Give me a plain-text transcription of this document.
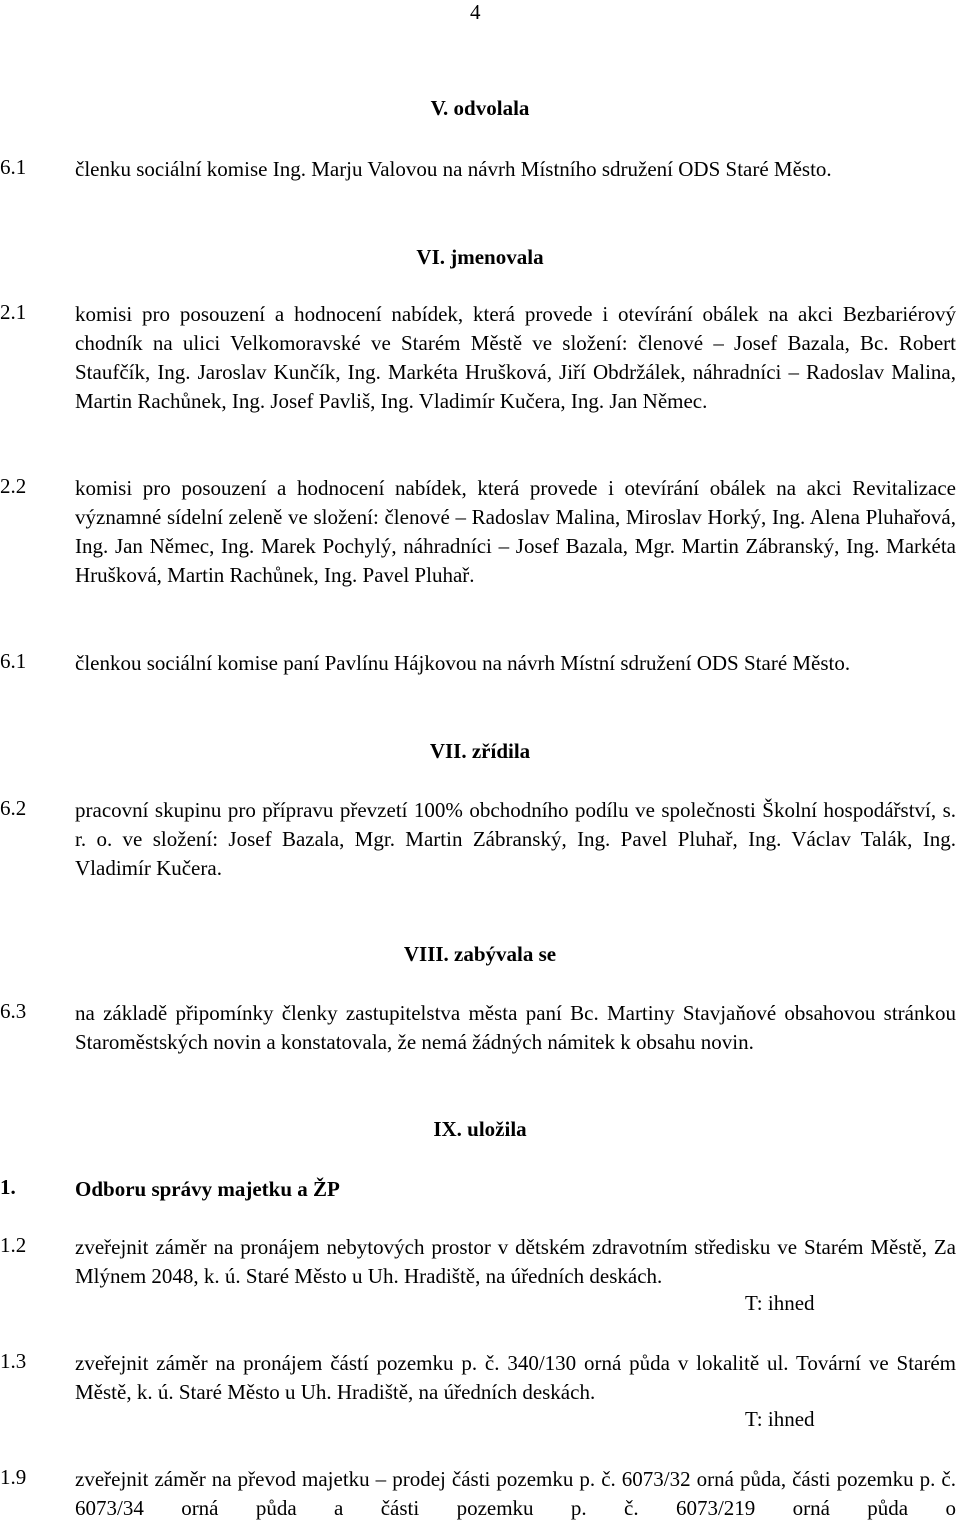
4
V. odvolala
6.1	členku sociální komise Ing. Marju Valovou na návrh Místního sdružení ODS Staré Město.
VI. jmenovala
2.1	komisi pro posouzení a hodnocení nabídek, která provede i otevírání obálek na akci Bezbariérový chodník na ulici Velkomoravské ve Starém Městě ve složení: členové – Josef Bazala, Bc. Robert Staufčík, Ing. Jaroslav Kunčík, Ing. Markéta Hrušková, Jiří Obdržálek, náhradníci – Radoslav Malina, Martin Rachůnek, Ing. Josef Pavliš, Ing. Vladimír Kučera, Ing. Jan Němec.
2.2	komisi pro posouzení a hodnocení nabídek, která provede i otevírání obálek na akci Revitalizace významné sídelní zeleně ve složení: členové – Radoslav Malina, Miroslav Horký, Ing. Alena Pluhařová, Ing. Jan Němec, Ing. Marek Pochylý, náhradníci – Josef Bazala, Mgr. Martin Zábranský, Ing. Markéta Hrušková, Martin Rachůnek, Ing. Pavel Pluhař.
6.1	členkou sociální komise paní Pavlínu Hájkovou na návrh Místní sdružení ODS Staré Město.
VII. zřídila
6.2	pracovní skupinu pro přípravu převzetí 100% obchodního podílu ve společnosti Školní hospodářství, s. r. o. ve složení: Josef Bazala, Mgr. Martin Zábranský, Ing. Pavel Pluhař, Ing. Václav Talák, Ing. Vladimír Kučera.
VIII. zabývala se
6.3	na základě připomínky členky zastupitelstva města paní Bc. Martiny Stavjaňové obsahovou stránkou Staroměstských novin a konstatovala, že nemá žádných námitek k obsahu novin.
IX. uložila
1.	Odboru správy majetku a ŽP
1.2	zveřejnit záměr na pronájem nebytových prostor v dětském zdravotním středisku ve Starém Městě, Za Mlýnem 2048, k. ú. Staré Město u Uh. Hradiště, na úředních deskách.
T: ihned
1.3	zveřejnit záměr na pronájem částí pozemku p. č. 340/130 orná půda v lokalitě ul. Tovární ve Starém Městě, k. ú. Staré Město u Uh. Hradiště, na úředních deskách.
T: ihned
1.9	zveřejnit záměr na převod majetku – prodej části pozemku p. č. 6073/32 orná půda, části pozemku p. č. 6073/34 orná půda a části pozemku p. č. 6073/219 orná půda o
